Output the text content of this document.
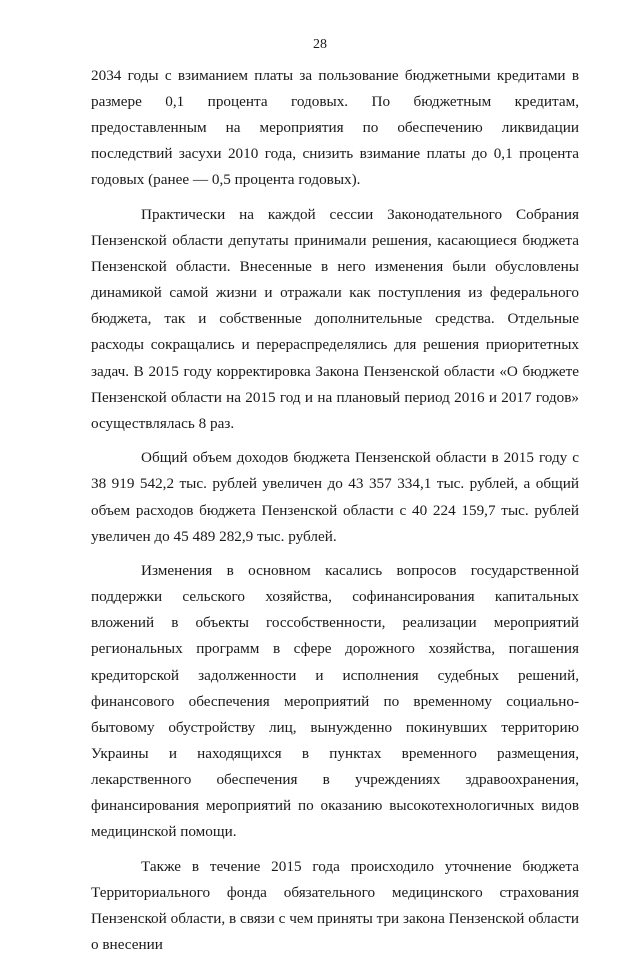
28

2034 годы с взиманием платы за пользование бюджетными кредитами в размере 0,1 процента годовых. По бюджетным кредитам, предоставленным на мероприятия по обеспечению ликвидации последствий засухи 2010 года, снизить взимание платы до 0,1 процента годовых (ранее — 0,5 процента годовых).

Практически на каждой сессии Законодательного Собрания Пензенской области депутаты принимали решения, касающиеся бюджета Пензенской области. Внесенные в него изменения были обусловлены динамикой самой жизни и отражали как поступления из федерального бюджета, так и собственные дополнительные средства. Отдельные расходы сокращались и перераспределялись для решения приоритетных задач. В 2015 году корректировка Закона Пензенской области «О бюджете Пензенской области на 2015 год и на плановый период 2016 и 2017 годов» осуществлялась 8 раз.

Общий объем доходов бюджета Пензенской области в 2015 году с 38 919 542,2 тыс. рублей увеличен до 43 357 334,1 тыс. рублей, а общий объем расходов бюджета Пензенской области с 40 224 159,7 тыс. рублей увеличен до 45 489 282,9 тыс. рублей.

Изменения в основном касались вопросов государственной поддержки сельского хозяйства, софинансирования капитальных вложений в объекты госсобственности, реализации мероприятий региональных программ в сфере дорожного хозяйства, погашения кредиторской задолженности и исполнения судебных решений, финансового обеспечения мероприятий по временному социально-бытовому обустройству лиц, вынужденно покинувших территорию Украины и находящихся в пунктах временного размещения, лекарственного обеспечения в учреждениях здравоохранения, финансирования мероприятий по оказанию высокотехнологичных видов медицинской помощи.

Также в течение 2015 года происходило уточнение бюджета Территориального фонда обязательного медицинского страхования Пензенской области, в связи с чем приняты три закона Пензенской области о внесении
